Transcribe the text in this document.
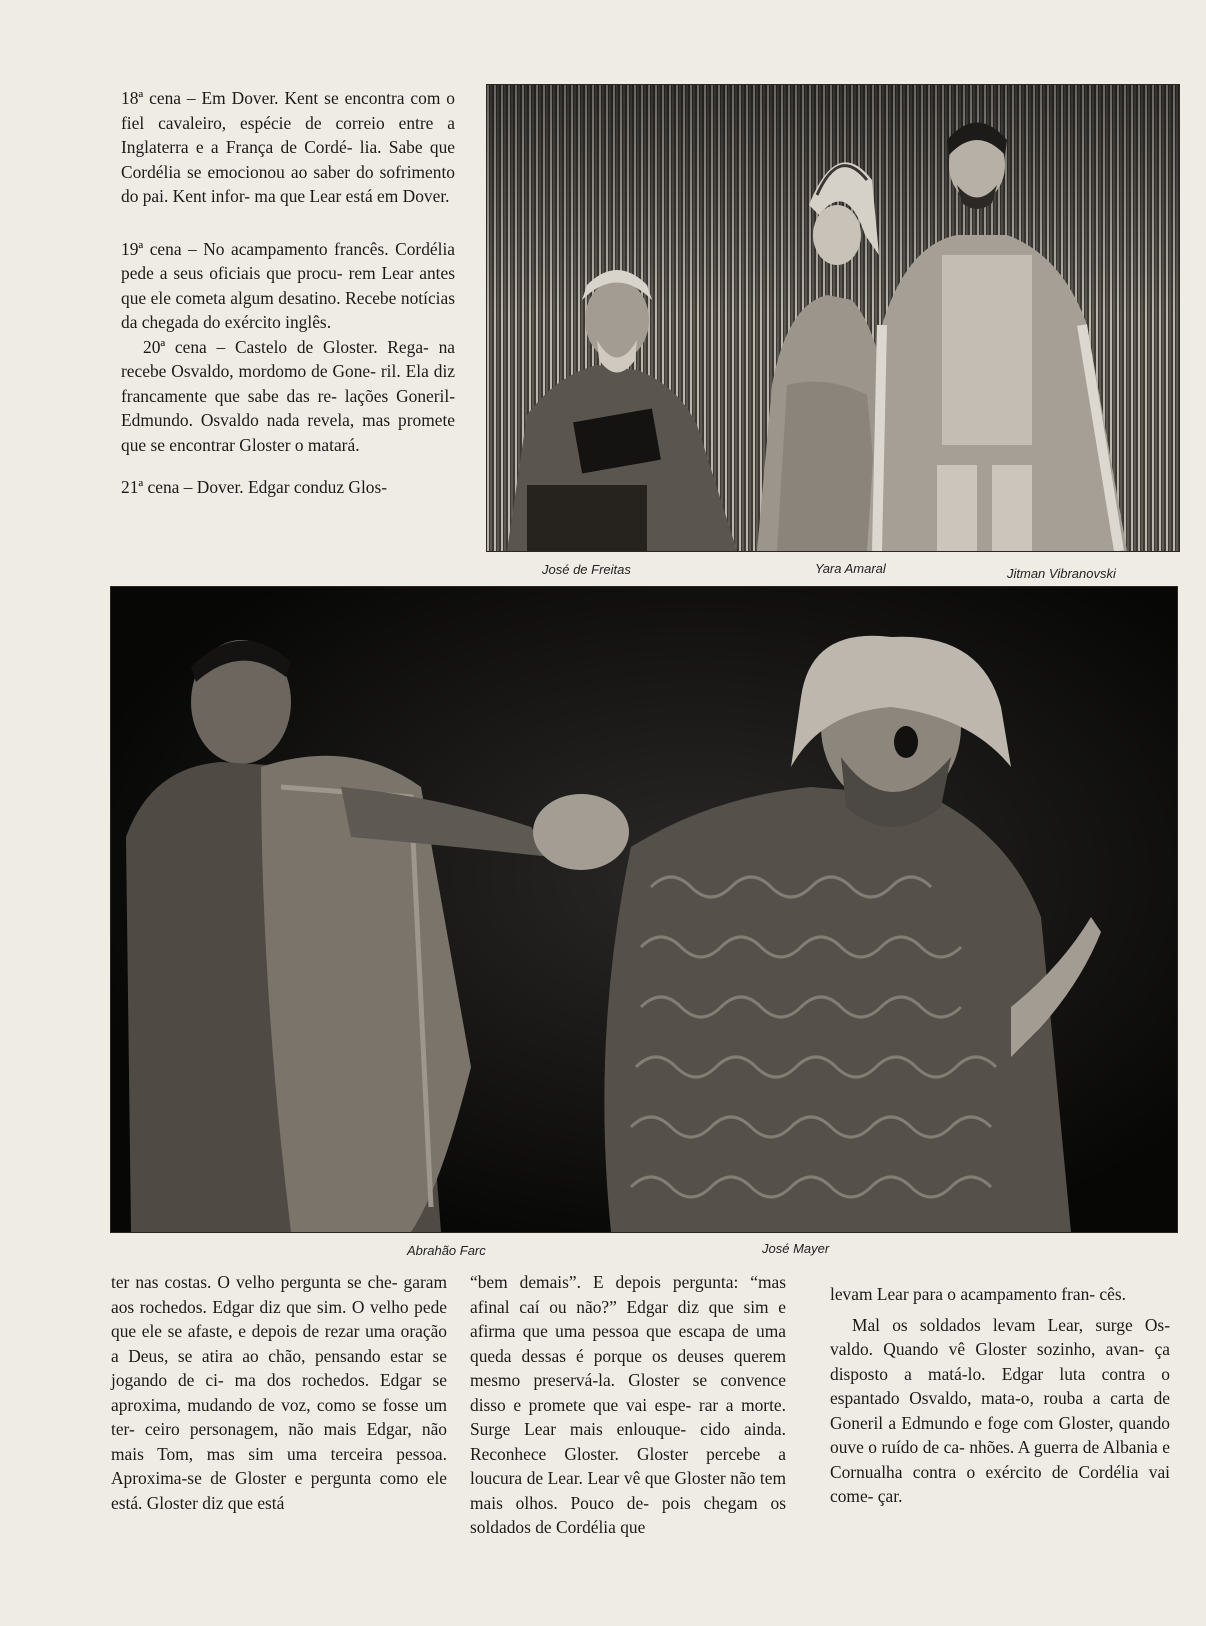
18ª cena – Em Dover. Kent se encontra com o fiel cavaleiro, espécie de correio entre a Inglaterra e a França de Cordé- lia. Sabe que Cordélia se emocionou ao saber do sofrimento do pai. Kent infor- ma que Lear está em Dover.

19ª cena – No acampamento francês. Cordélia pede a seus oficiais que procu- rem Lear antes que ele cometa algum desatino. Recebe notícias da chegada do exército inglês.

20ª cena – Castelo de Gloster. Rega- na recebe Osvaldo, mordomo de Gone- ril. Ela diz francamente que sabe das re- lações Goneril-Edmundo. Osvaldo nada revela, mas promete que se encontrar Gloster o matará.

21ª cena – Dover. Edgar conduz Glos-

José de Freitas	Yara Amaral	Jitman Vibranovski
Abrahão Farc	José Mayer

ter nas costas. O velho pergunta se che- garam aos rochedos. Edgar diz que sim. O velho pede que ele se afaste, e depois de rezar uma oração a Deus, se atira ao chão, pensando estar se jogando de ci- ma dos rochedos. Edgar se aproxima, mudando de voz, como se fosse um ter- ceiro personagem, não mais Edgar, não mais Tom, mas sim uma terceira pessoa. Aproxima-se de Gloster e pergunta como ele está. Gloster diz que está

“bem demais”. E depois pergunta: “mas afinal caí ou não?” Edgar diz que sim e afirma que uma pessoa que escapa de uma queda dessas é porque os deuses querem mesmo preservá-la. Gloster se convence disso e promete que vai espe- rar a morte. Surge Lear mais enlouque- cido ainda. Reconhece Gloster. Gloster percebe a loucura de Lear. Lear vê que Gloster não tem mais olhos. Pouco de- pois chegam os soldados de Cordélia que

levam Lear para o acampamento fran- cês.

Mal os soldados levam Lear, surge Os- valdo. Quando vê Gloster sozinho, avan- ça disposto a matá-lo. Edgar luta contra o espantado Osvaldo, mata-o, rouba a carta de Goneril a Edmundo e foge com Gloster, quando ouve o ruído de ca- nhões. A guerra de Albania e Cornualha contra o exército de Cordélia vai come- çar.
